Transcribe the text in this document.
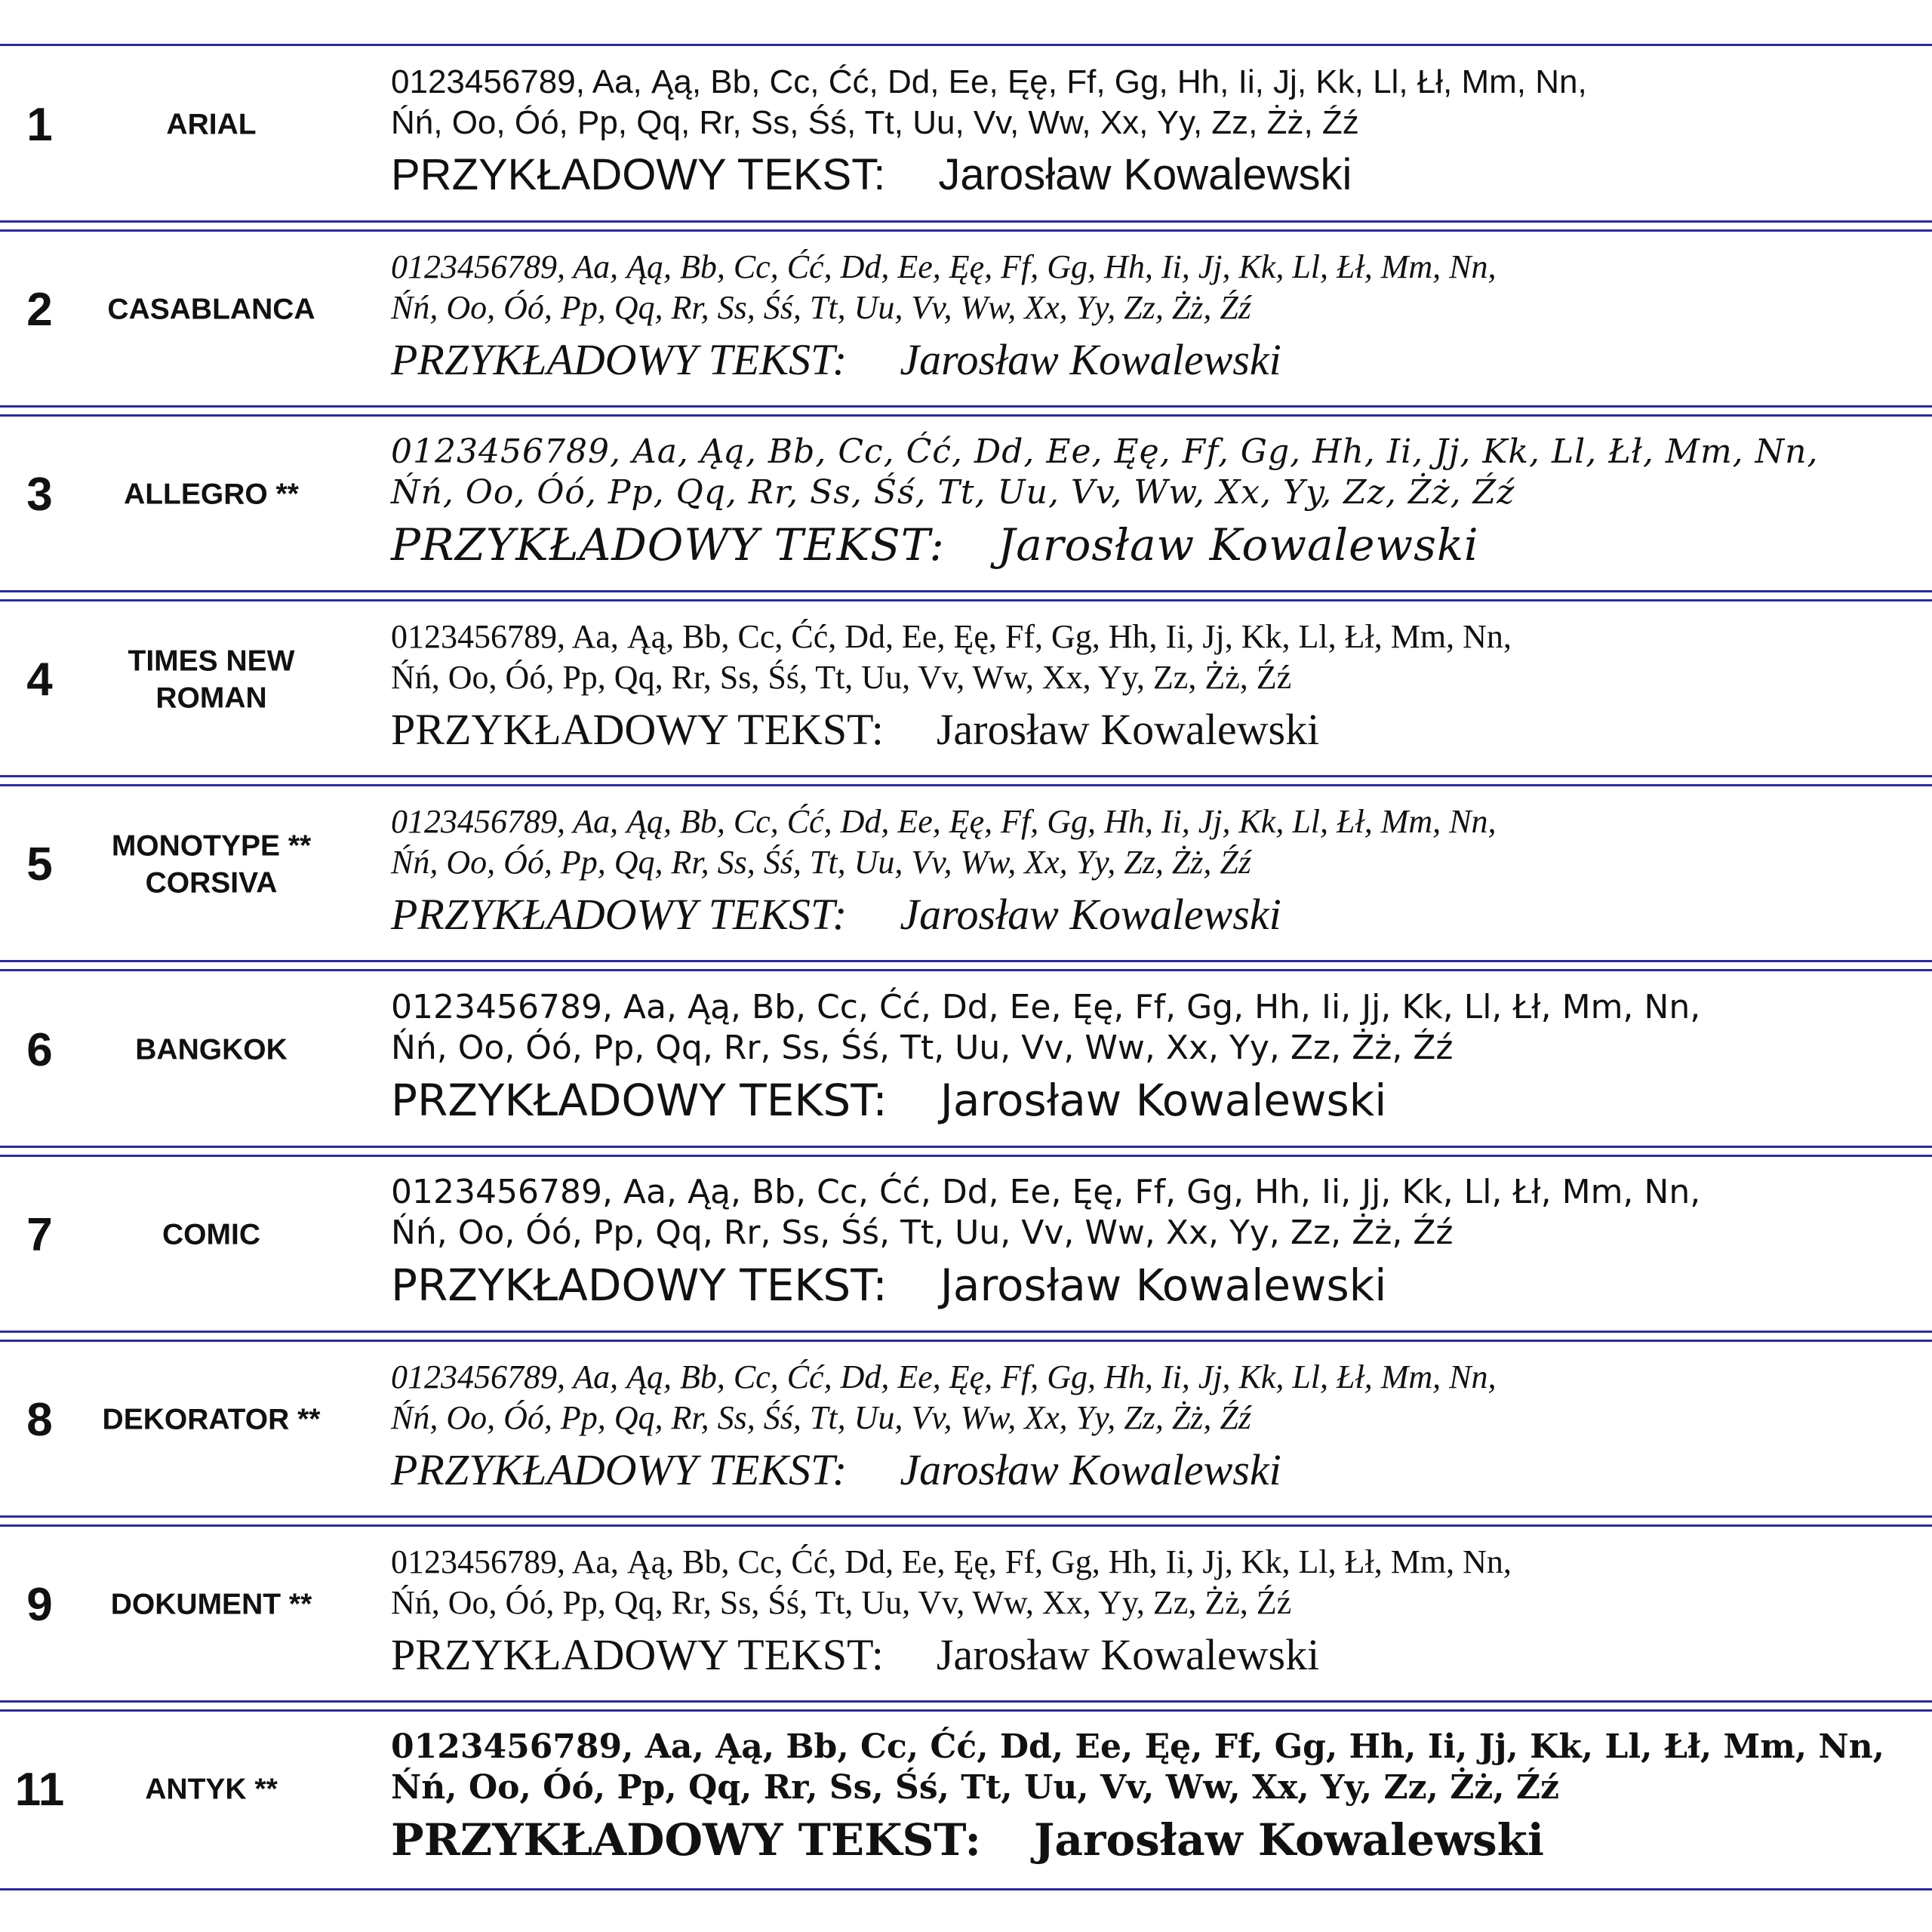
1	ARIAL
0123456789, Aa, Ąą, Bb, Cc, Ćć, Dd, Ee, Ęę, Ff, Gg, Hh, Ii, Jj, Kk, Ll, Łł, Mm, Nn,
Ńń, Oo, Óó, Pp, Qq, Rr, Ss, Śś, Tt, Uu, Vv, Ww, Xx, Yy, Zz, Żż, Źź
PRZYKŁADOWY TEKST: Jarosław Kowalewski
2	CASABLANCA
0123456789, Aa, Ąą, Bb, Cc, Ćć, Dd, Ee, Ęę, Ff, Gg, Hh, Ii, Jj, Kk, Ll, Łł, Mm, Nn,
Ńń, Oo, Óó, Pp, Qq, Rr, Ss, Śś, Tt, Uu, Vv, Ww, Xx, Yy, Zz, Żż, Źź
PRZYKŁADOWY TEKST: Jarosław Kowalewski
3	ALLEGRO **
0123456789, Aa, Ąą, Bb, Cc, Ćć, Dd, Ee, Ęę, Ff, Gg, Hh, Ii, Jj, Kk, Ll, Łł, Mm, Nn,
Ńń, Oo, Óó, Pp, Qq, Rr, Ss, Śś, Tt, Uu, Vv, Ww, Xx, Yy, Zz, Żż, Źź
PRZYKŁADOWY TEKST: Jarosław Kowalewski
4	TIMES NEW ROMAN
0123456789, Aa, Ąą, Bb, Cc, Ćć, Dd, Ee, Ęę, Ff, Gg, Hh, Ii, Jj, Kk, Ll, Łł, Mm, Nn,
Ńń, Oo, Óó, Pp, Qq, Rr, Ss, Śś, Tt, Uu, Vv, Ww, Xx, Yy, Zz, Żż, Źź
PRZYKŁADOWY TEKST: Jarosław Kowalewski
5	MONOTYPE ** CORSIVA
0123456789, Aa, Ąą, Bb, Cc, Ćć, Dd, Ee, Ęę, Ff, Gg, Hh, Ii, Jj, Kk, Ll, Łł, Mm, Nn,
Ńń, Oo, Óó, Pp, Qq, Rr, Ss, Śś, Tt, Uu, Vv, Ww, Xx, Yy, Zz, Żż, Źź
PRZYKŁADOWY TEKST: Jarosław Kowalewski
6	BANGKOK
0123456789, Aa, Ąą, Bb, Cc, Ćć, Dd, Ee, Ęę, Ff, Gg, Hh, Ii, Jj, Kk, Ll, Łł, Mm, Nn,
Ńń, Oo, Óó, Pp, Qq, Rr, Ss, Śś, Tt, Uu, Vv, Ww, Xx, Yy, Zz, Żż, Źź
PRZYKŁADOWY TEKST: Jarosław Kowalewski
7	COMIC
0123456789, Aa, Ąą, Bb, Cc, Ćć, Dd, Ee, Ęę, Ff, Gg, Hh, Ii, Jj, Kk, Ll, Łł, Mm, Nn,
Ńń, Oo, Óó, Pp, Qq, Rr, Ss, Śś, Tt, Uu, Vv, Ww, Xx, Yy, Zz, Żż, Źź
PRZYKŁADOWY TEKST: Jarosław Kowalewski
8	DEKORATOR **
0123456789, Aa, Ąą, Bb, Cc, Ćć, Dd, Ee, Ęę, Ff, Gg, Hh, Ii, Jj, Kk, Ll, Łł, Mm, Nn,
Ńń, Oo, Óó, Pp, Qq, Rr, Ss, Śś, Tt, Uu, Vv, Ww, Xx, Yy, Zz, Żż, Źź
PRZYKŁADOWY TEKST: Jarosław Kowalewski
9	DOKUMENT **
0123456789, Aa, Ąą, Bb, Cc, Ćć, Dd, Ee, Ęę, Ff, Gg, Hh, Ii, Jj, Kk, Ll, Łł, Mm, Nn,
Ńń, Oo, Óó, Pp, Qq, Rr, Ss, Śś, Tt, Uu, Vv, Ww, Xx, Yy, Zz, Żż, Źź
PRZYKŁADOWY TEKST: Jarosław Kowalewski
11	ANTYK **
0123456789, Aa, Ąą, Bb, Cc, Ćć, Dd, Ee, Ęę, Ff, Gg, Hh, Ii, Jj, Kk, Ll, Łł, Mm, Nn,
Ńń, Oo, Óó, Pp, Qq, Rr, Ss, Śś, Tt, Uu, Vv, Ww, Xx, Yy, Zz, Żż, Źź
PRZYKŁADOWY TEKST: Jarosław Kowalewski
